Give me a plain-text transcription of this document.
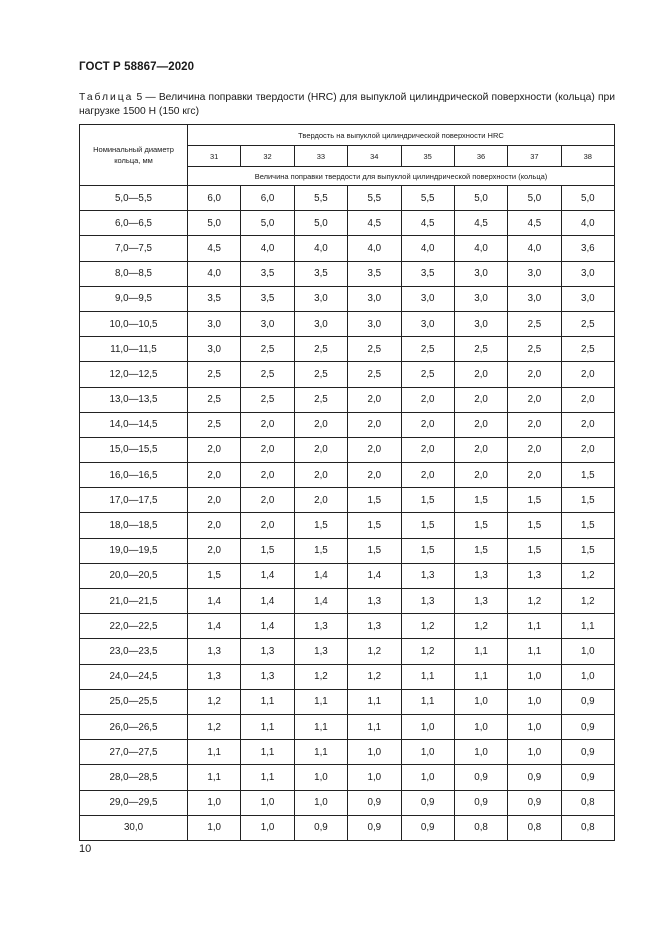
ГОСТ Р 58867—2020
Таблица 5 — Величина поправки твердости (HRC) для выпуклой цилиндрической поверхности (кольца) при нагрузке 1500 Н (150 кгс)
Номинальный диаметр кольца, мм	Твердость на выпуклой цилиндрической поверхности HRC							
	31	32	33	34	35	36	37	38
	Величина поправки твердости для выпуклой цилиндрической поверхности (кольца)							
5,0—5,5	6,0	6,0	5,5	5,5	5,5	5,0	5,0	5,0
6,0—6,5	5,0	5,0	5,0	4,5	4,5	4,5	4,5	4,0
7,0—7,5	4,5	4,0	4,0	4,0	4,0	4,0	4,0	3,6
8,0—8,5	4,0	3,5	3,5	3,5	3,5	3,0	3,0	3,0
9,0—9,5	3,5	3,5	3,0	3,0	3,0	3,0	3,0	3,0
10,0—10,5	3,0	3,0	3,0	3,0	3,0	3,0	2,5	2,5
11,0—11,5	3,0	2,5	2,5	2,5	2,5	2,5	2,5	2,5
12,0—12,5	2,5	2,5	2,5	2,5	2,5	2,0	2,0	2,0
13,0—13,5	2,5	2,5	2,5	2,0	2,0	2,0	2,0	2,0
14,0—14,5	2,5	2,0	2,0	2,0	2,0	2,0	2,0	2,0
15,0—15,5	2,0	2,0	2,0	2,0	2,0	2,0	2,0	2,0
16,0—16,5	2,0	2,0	2,0	2,0	2,0	2,0	2,0	1,5
17,0—17,5	2,0	2,0	2,0	1,5	1,5	1,5	1,5	1,5
18,0—18,5	2,0	2,0	1,5	1,5	1,5	1,5	1,5	1,5
19,0—19,5	2,0	1,5	1,5	1,5	1,5	1,5	1,5	1,5
20,0—20,5	1,5	1,4	1,4	1,4	1,3	1,3	1,3	1,2
21,0—21,5	1,4	1,4	1,4	1,3	1,3	1,3	1,2	1,2
22,0—22,5	1,4	1,4	1,3	1,3	1,2	1,2	1,1	1,1
23,0—23,5	1,3	1,3	1,3	1,2	1,2	1,1	1,1	1,0
24,0—24,5	1,3	1,3	1,2	1,2	1,1	1,1	1,0	1,0
25,0—25,5	1,2	1,1	1,1	1,1	1,1	1,0	1,0	0,9
26,0—26,5	1,2	1,1	1,1	1,1	1,0	1,0	1,0	0,9
27,0—27,5	1,1	1,1	1,1	1,0	1,0	1,0	1,0	0,9
28,0—28,5	1,1	1,1	1,0	1,0	1,0	0,9	0,9	0,9
29,0—29,5	1,0	1,0	1,0	0,9	0,9	0,9	0,9	0,8
30,0	1,0	1,0	0,9	0,9	0,9	0,8	0,8	0,8
10
